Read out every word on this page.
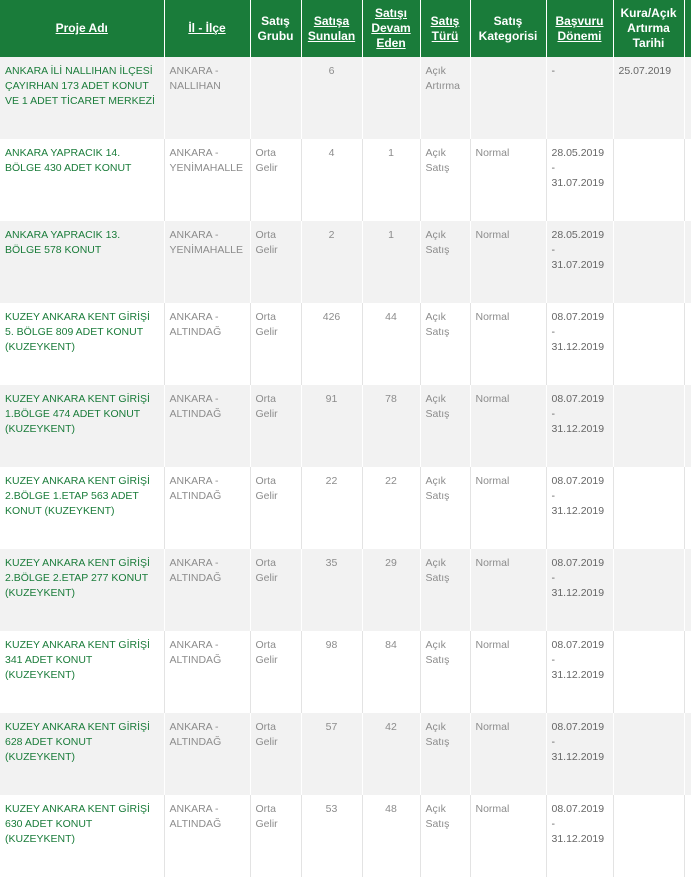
Proje Adı	İl - İlçe	Satış Grubu	Satışa Sunulan	Satışı Devam Eden	Satış Türü	Satış Kategorisi	Başvuru Dönemi	Kura/Açık Artırma Tarihi	
ANKARA İLİ NALLIHAN İLÇESİ ÇAYIRHAN 173 ADET KONUT VE 1 ADET TİCARET MERKEZİ	ANKARA - NALLIHAN		6		Açık Artırma		-	25.07.2019	
ANKARA YAPRACIK 14. BÖLGE 430 ADET KONUT	ANKARA - YENİMAHALLE	Orta Gelir	4	1	Açık Satış	Normal	28.05.2019 - 31.07.2019		
ANKARA YAPRACIK 13. BÖLGE 578 KONUT	ANKARA - YENİMAHALLE	Orta Gelir	2	1	Açık Satış	Normal	28.05.2019 - 31.07.2019		
KUZEY ANKARA KENT GİRİŞİ 5. BÖLGE 809 ADET KONUT (KUZEYKENT)	ANKARA - ALTINDAĞ	Orta Gelir	426	44	Açık Satış	Normal	08.07.2019 - 31.12.2019		
KUZEY ANKARA KENT GİRİŞİ 1.BÖLGE 474 ADET KONUT (KUZEYKENT)	ANKARA - ALTINDAĞ	Orta Gelir	91	78	Açık Satış	Normal	08.07.2019 - 31.12.2019		
KUZEY ANKARA KENT GİRİŞİ 2.BÖLGE 1.ETAP 563 ADET KONUT (KUZEYKENT)	ANKARA - ALTINDAĞ	Orta Gelir	22	22	Açık Satış	Normal	08.07.2019 - 31.12.2019		
KUZEY ANKARA KENT GİRİŞİ 2.BÖLGE 2.ETAP 277 KONUT (KUZEYKENT)	ANKARA - ALTINDAĞ	Orta Gelir	35	29	Açık Satış	Normal	08.07.2019 - 31.12.2019		
KUZEY ANKARA KENT GİRİŞİ 341 ADET KONUT (KUZEYKENT)	ANKARA - ALTINDAĞ	Orta Gelir	98	84	Açık Satış	Normal	08.07.2019 - 31.12.2019		
KUZEY ANKARA KENT GİRİŞİ 628 ADET KONUT (KUZEYKENT)	ANKARA - ALTINDAĞ	Orta Gelir	57	42	Açık Satış	Normal	08.07.2019 - 31.12.2019		
KUZEY ANKARA KENT GİRİŞİ 630 ADET KONUT (KUZEYKENT)	ANKARA - ALTINDAĞ	Orta Gelir	53	48	Açık Satış	Normal	08.07.2019 - 31.12.2019		
